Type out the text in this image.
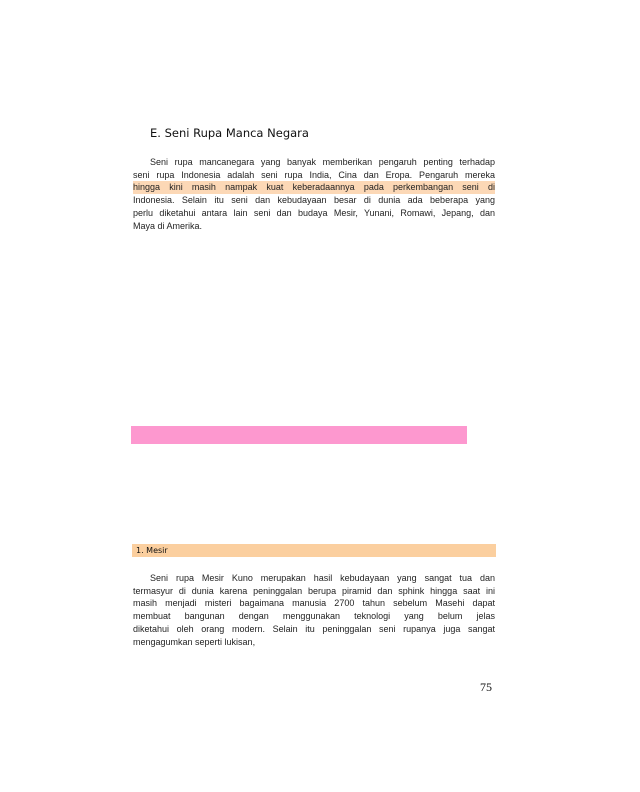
E. Seni Rupa Manca Negara
Seni rupa mancanegara yang banyak memberikan pengaruh penting terhadap
seni rupa Indonesia adalah seni rupa India, Cina dan Eropa. Pengaruh mereka
hingga kini masih nampak kuat keberadaannya pada perkembangan seni di
Indonesia. Selain itu seni dan kebudayaan besar di dunia ada beberapa yang
perlu diketahui antara lain seni dan budaya Mesir, Yunani, Romawi, Jepang, dan
Maya di Amerika.
1. Mesir
Seni rupa Mesir Kuno merupakan hasil kebudayaan yang sangat tua dan
termasyur di dunia karena peninggalan berupa piramid dan sphink hingga saat ini
masih menjadi misteri bagaimana manusia 2700 tahun sebelum Masehi dapat
membuat bangunan dengan menggunakan teknologi yang belum jelas
diketahui oleh orang modern. Selain itu peninggalan seni rupanya juga sangat
mengagumkan seperti lukisan,
75
